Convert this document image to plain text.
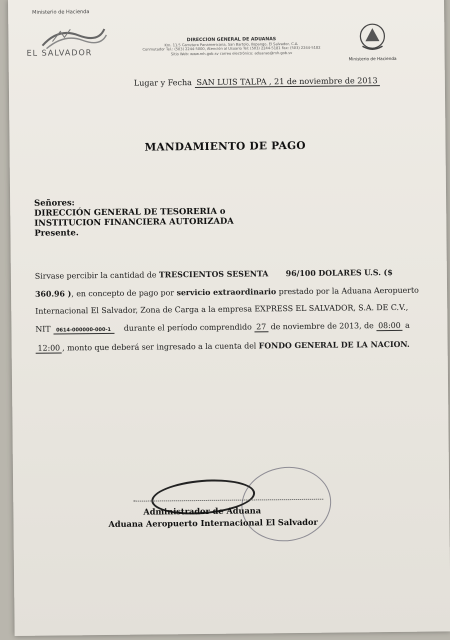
Ministerio de Hacienda
EL SALVADOR
DIRECCION GENERAL DE ADUANAS
Km. 11.5 Carretera Panamericana, San Bartolo, Ilopango, El Salvador, C.A.
Conmutador Tel.: (503) 2244-5000, Atención al Usuario Tel: (503) 2244-5181 Fax: (503) 2244-5182
Sitio Web: www.mh.gob.sv correo electrónico: aduanas@mh.gob.sv
Ministerio de Hacienda
Lugar y Fecha SAN LUIS TALPA , 21 de noviembre de 2013
MANDAMIENTO DE PAGO
Señores:
DIRECCIÓN GENERAL DE TESORERIA o
INSTITUCION FINANCIERA AUTORIZADA
Presente.
Sirvase percibir la cantidad de TRESCIENTOS SESENTA 96/100 DOLARES U.S. ($ 360.96 ), en concepto de pago por servicio extraordinario prestado por la Aduana Aeropuerto Internacional El Salvador, Zona de Carga a la empresa EXPRESS EL SALVADOR, S.A. DE C.V., NIT 0614-000000-000-1 durante el período comprendido 27 de noviembre de 2013, de 08:00 a 12:00 , monto que deberá ser ingresado a la cuenta del FONDO GENERAL DE LA NACION.
Administrador de Aduana
Aduana Aeropuerto Internacional El Salvador
